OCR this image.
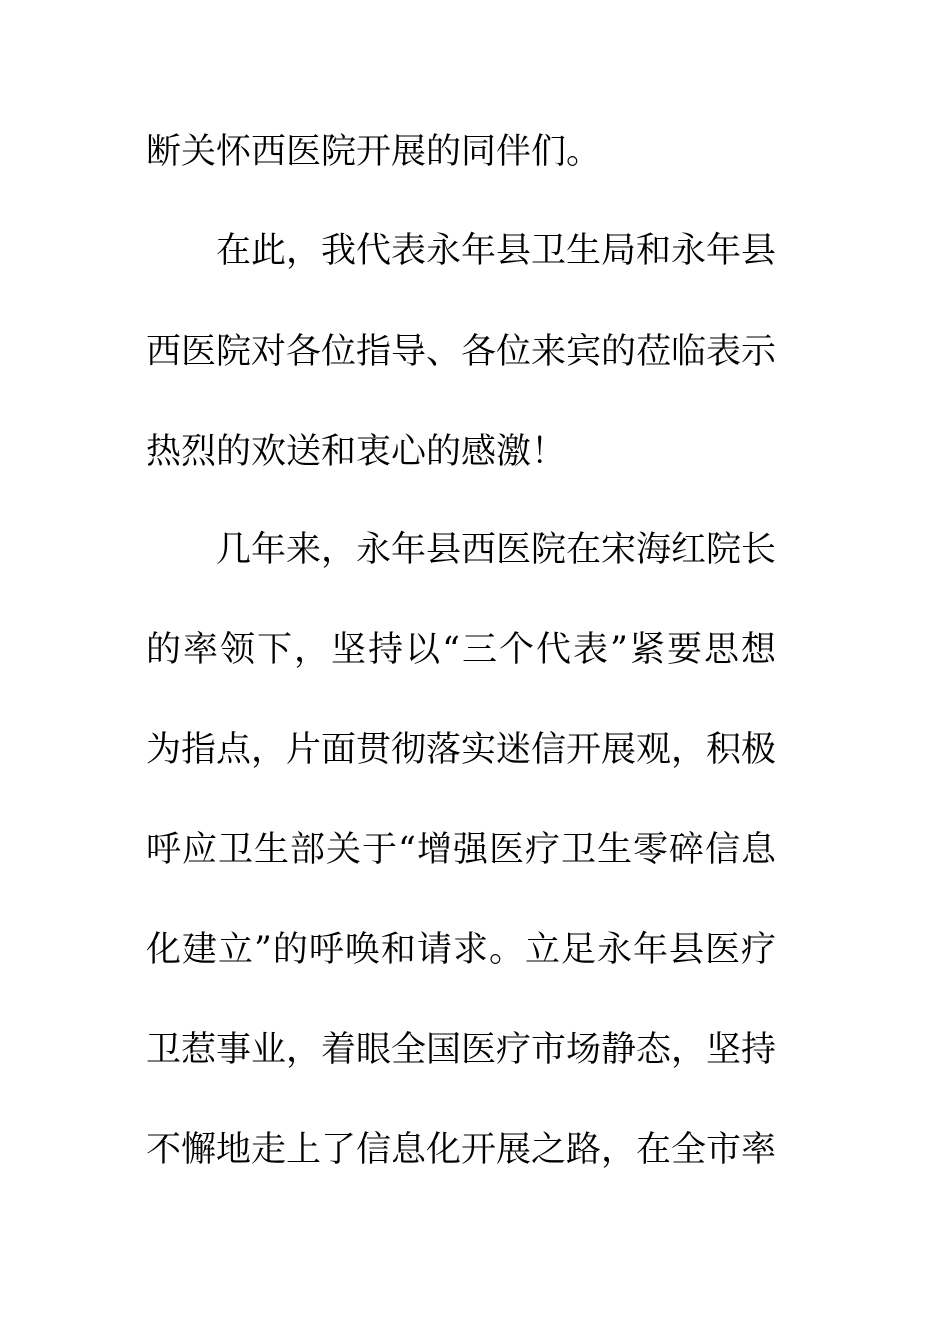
断关怀西医院开展的同伴们。
在此，我代表永年县卫生局和永年县
西医院对各位指导、各位来宾的莅临表示
热烈的欢送和衷心的感激！
几年来，永年县西医院在宋海红院长
的率领下，坚持以“三个代表”紧要思想
为指点，片面贯彻落实迷信开展观，积极
呼应卫生部关于“增强医疗卫生零碎信息
化建立”的呼唤和请求。立足永年县医疗
卫惹事业，着眼全国医疗市场静态，坚持
不懈地走上了信息化开展之路，在全市率
